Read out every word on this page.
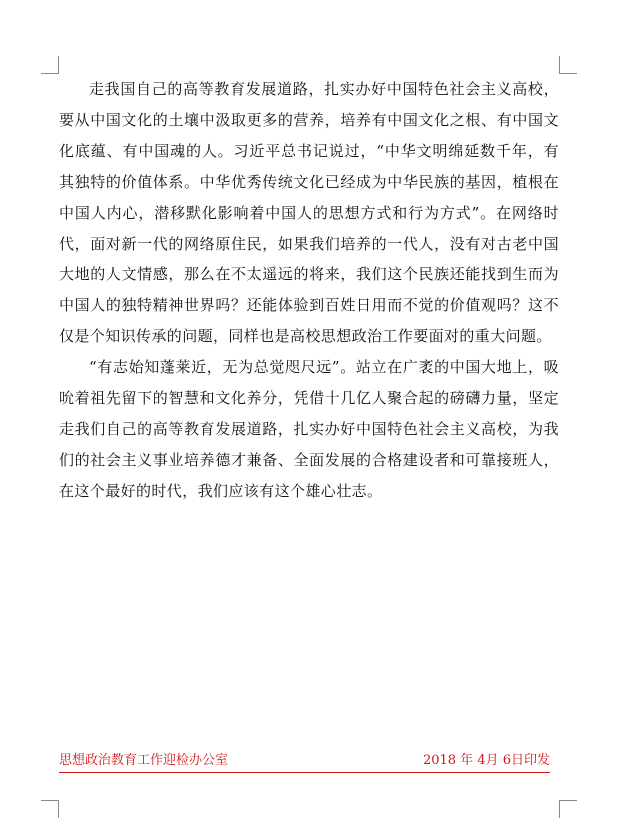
走我国自己的高等教育发展道路，扎实办好中国特色社会主义高校，要从中国文化的土壤中汲取更多的营养，培养有中国文化之根、有中国文化底蕴、有中国魂的人。习近平总书记说过，“中华文明绵延数千年，有其独特的价值体系。中华优秀传统文化已经成为中华民族的基因，植根在中国人内心，潜移默化影响着中国人的思想方式和行为方式”。在网络时代，面对新一代的网络原住民，如果我们培养的一代人，没有对古老中国大地的人文情感，那么在不太遥远的将来，我们这个民族还能找到生而为中国人的独特精神世界吗？还能体验到百姓日用而不觉的价值观吗？这不仅是个知识传承的问题，同样也是高校思想政治工作要面对的重大问题。

“有志始知蓬莱近，无为总觉咫尺远”。站立在广袤的中国大地上，吸吮着祖先留下的智慧和文化养分，凭借十几亿人聚合起的磅礴力量，坚定走我们自己的高等教育发展道路，扎实办好中国特色社会主义高校，为我们的社会主义事业培养德才兼备、全面发展的合格建设者和可靠接班人，在这个最好的时代，我们应该有这个雄心壮志。

思想政治教育工作迎检办公室	2018 年 4月 6日印发
